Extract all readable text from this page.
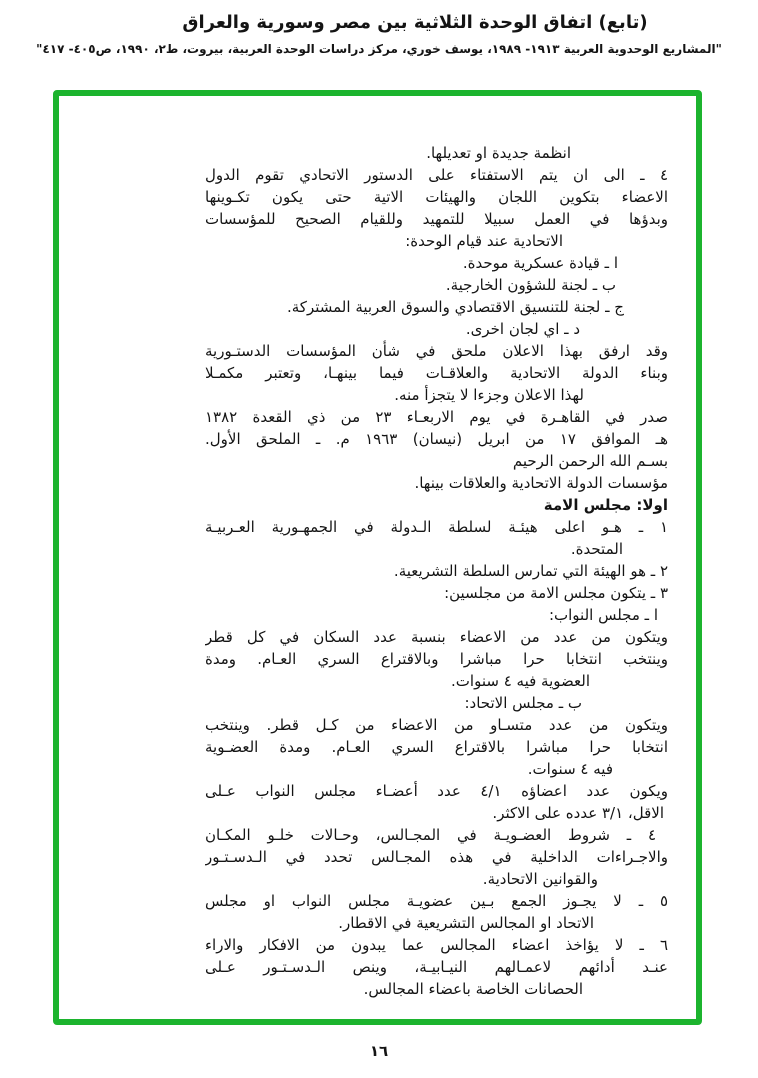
(تابع) اتفاق الوحدة الثلاثية بين مصر وسورية والعراق
"المشاريع الوحدوية العربية ١٩١٣- ١٩٨٩، يوسف خوري، مركز دراسات الوحدة العربية، بيروت، ط٢، ١٩٩٠، ص٤٠٥- ٤١٧"
انظمة جديدة او تعديلها.
٤ ـ الى ان يتم الاستفتاء على الدستور الاتحادي تقوم الدول
الاعضاء بتكوين اللجان والهيئات الاتية حتى يكون تكـوينها
وبدؤها في العمل سبيلا للتمهيد وللقيام الصحيح للمؤسسات
الاتحادية عند قيام الوحدة:
ا ـ قيادة عسكرية موحدة.
ب ـ لجنة للشؤون الخارجية.
ج ـ لجنة للتنسيق الاقتصادي والسوق العربية المشتركة.
د ـ اي لجان اخرى.
وقد ارفق بهذا الاعلان ملحق في شأن المؤسسات الدستـورية
وبناء الدولة الاتحادية والعلاقـات فيما بينهـا، وتعتبر مكمـلا
لهذا الاعلان وجزءا لا يتجزأ منه.
صدر في القاهـرة في يوم الاربعـاء ٢٣ من ذي القعدة ١٣٨٢
هـ الموافق ١٧ من ابريل (نيسان) ١٩٦٣ م. ـ الملحق الأول.
بسـم الله الرحمن الرحيم
مؤسسات الدولة الاتحادية والعلاقات بينها.
اولا: مجلس الامة
١ ـ هـو اعلى هيئـة لسلطة الـدولة في الجمهـورية العـربيـة
المتحدة.
٢ ـ هو الهيئة التي تمارس السلطة التشريعية.
٣ ـ يتكون مجلس الامة من مجلسين:
ا ـ مجلس النواب:
ويتكون من عدد من الاعضاء بنسبة عدد السكان في كل قطر
وينتخب انتخابا حرا مباشرا وبالاقتراع السري العـام. ومدة
العضوية فيه ٤ سنوات.
ب ـ مجلس الاتحاد:
ويتكون من عدد متسـاو من الاعضاء من كـل قطر. وينتخب
انتخابا حرا مباشرا بالاقتراع السري العـام. ومدة العضـوية
فيه ٤ سنوات.
ويكون عدد اعضاؤه ٤/١ عدد أعضـاء مجلس النواب عـلى
الاقل، ٣/١ عدده على الاكثر.
٤ ـ شروط العضـويـة في المجـالس، وحـالات خلـو المكـان
والاجـراءات الداخلية في هذه المجـالس تحدد في الـدسـتـور
والقوانين الاتحادية.
٥ ـ لا يجـوز الجمع بـين عضويـة مجلس النواب او مجلس
الاتحاد او المجالس التشريعية في الاقطار.
٦ ـ لا يؤاخذ اعضاء المجالس عما يبدون من الافكار والاراء
عنـد أدائهم لاعمـالهم النيـابيـة، وينص الـدسـتـور عـلى
الحصانات الخاصة باعضاء المجالس.
١٦
